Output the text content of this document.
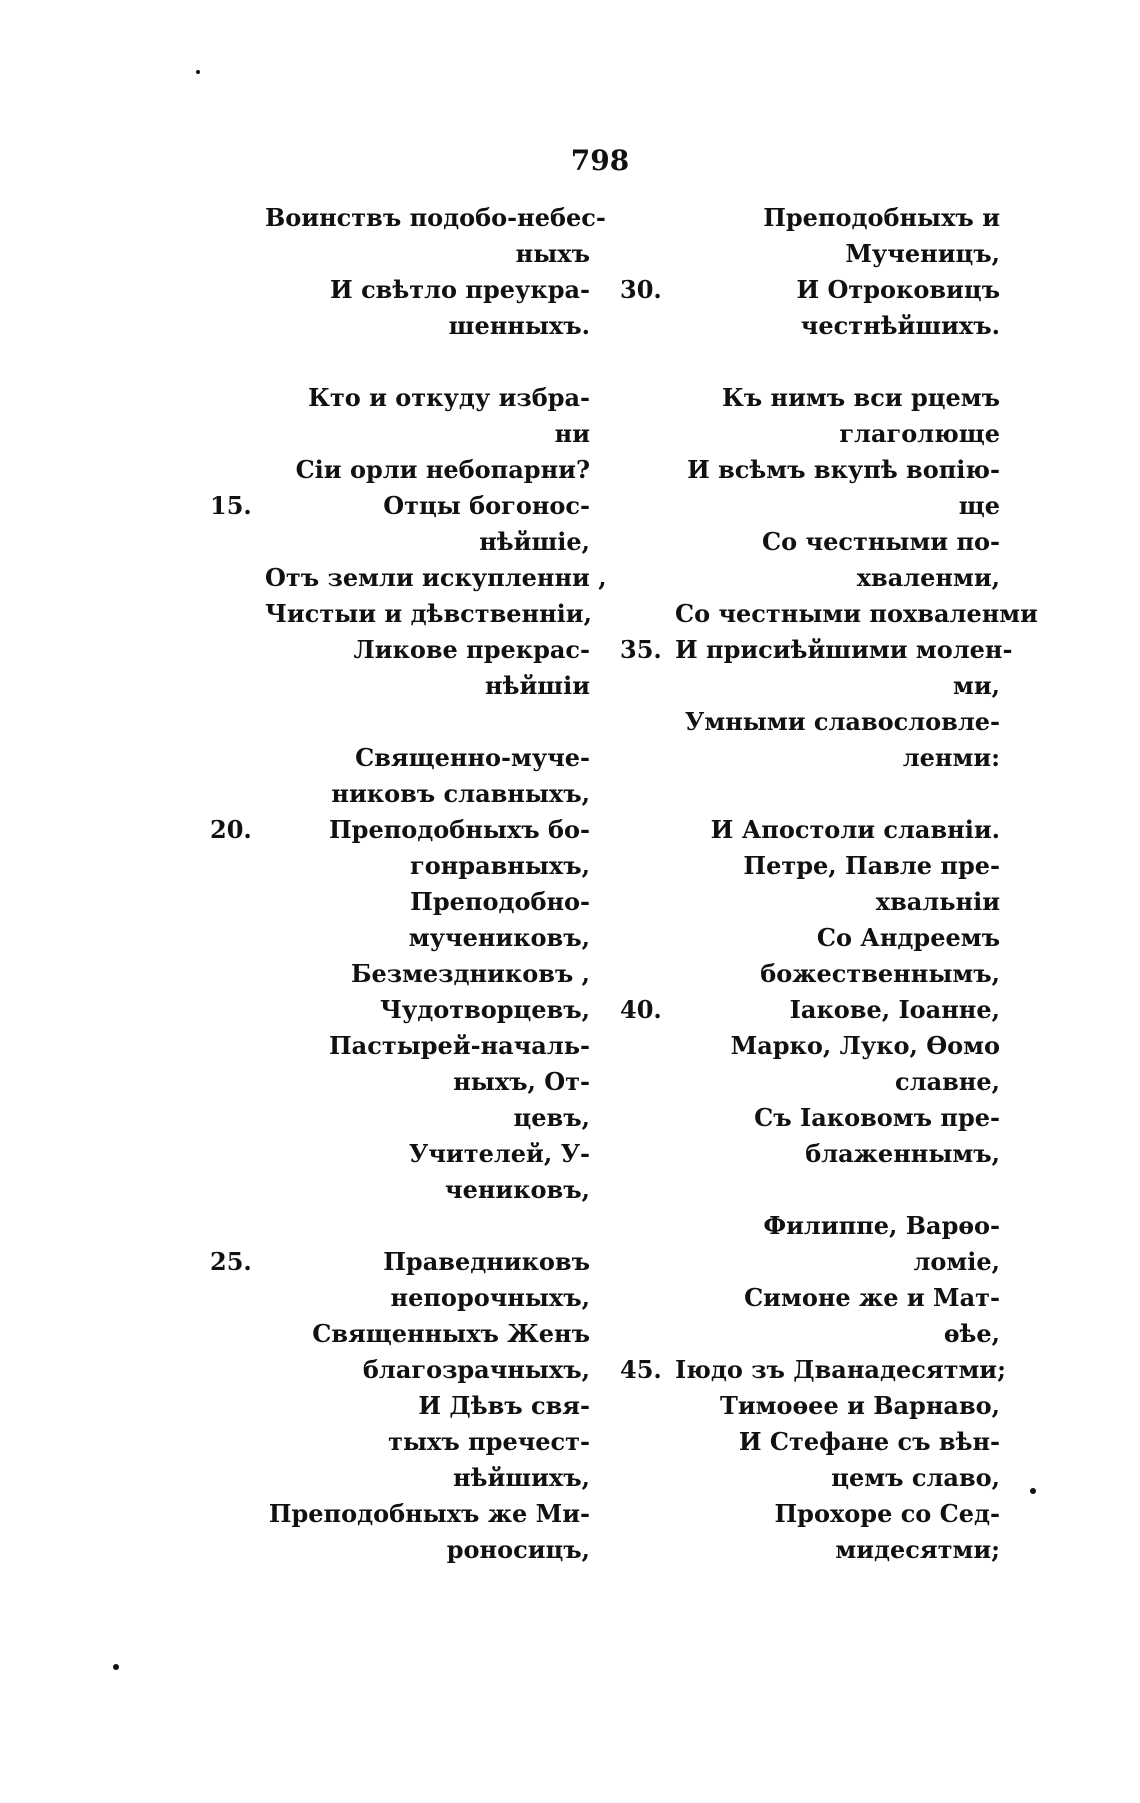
798
Воинствъ подобо-небес-
ныхъ
И свѣтло преукра-
шенныхъ.
Кто и откуду избра-
ни
Сіи орли небопарни?
15.	Отцы богонос-
нѣйшіе,
Отъ земли искупленни ,
Чистыи и дѣвственніи,
Ликове прекрас-
нѣйшіи
Священно-муче-
никовъ славныхъ,
20.	Преподобныхъ бо-
гонравныхъ,
Преподобно-
мучениковъ,
Безмездниковъ ,
Чудотворцевъ,
Пастырей-началь-
ныхъ, От-
цевъ,
Учителей, У-
чениковъ,
25.	Праведниковъ
непорочныхъ,
Священныхъ Женъ
благозрачныхъ,
И Дѣвъ свя-
тыхъ пречест-
нѣйшихъ,
Преподобныхъ же Ми-
роносицъ,
Преподобныхъ и
Мученицъ,
30.	И Отроковицъ
честнѣйшихъ.
Къ нимъ вси рцемъ
глаголюще
И всѣмъ вкупѣ вопію-
ще
Со честными по-
хваленми,
Со честными похваленми
35. И присиѣйшими молен-
ми,
Умными славословле-
ленми:
И Апостоли славніи.
Петре, Павле пре-
хвальніи
Со Андреемъ
божественнымъ,
40.	Іакове, Іоанне,
Марко, Луко, Ѳомо
славне,
Съ Іаковомъ пре-
блаженнымъ,
Филиппе, Варѳо-
ломіе,
Симоне же и Мат-
ѳѣе,
45. Іюдо зъ Дванадесятми;
Тимоѳее и Варнаво,
И Стефане съ вѣн-
цемъ славо,
Прохоре со Сед-
мидесятми;
